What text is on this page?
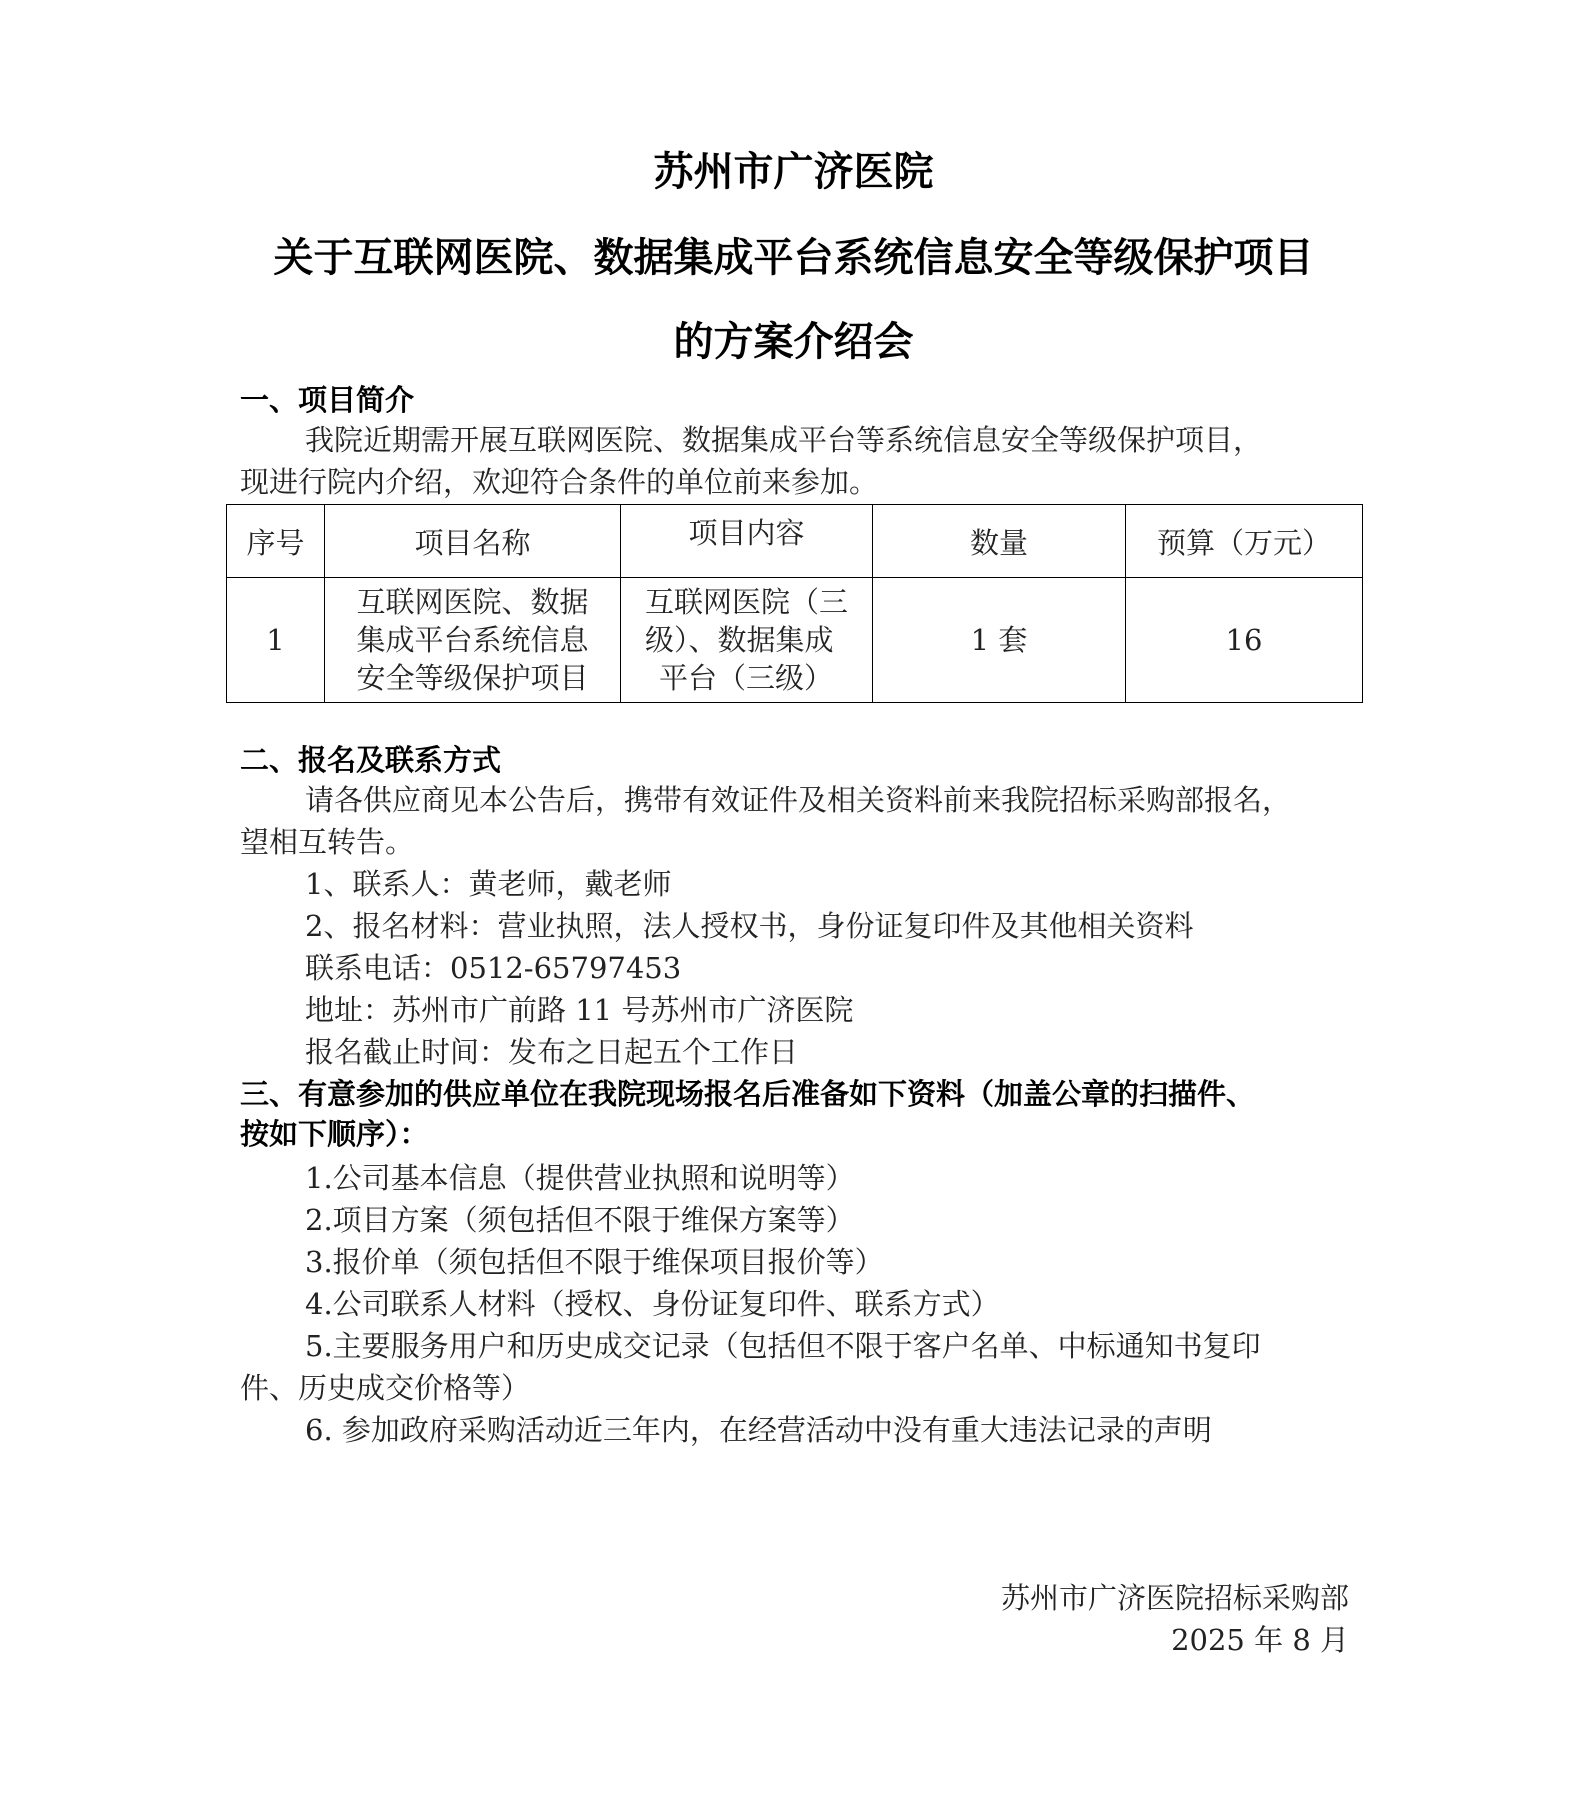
苏州市广济医院
关于互联网医院、数据集成平台系统信息安全等级保护项目
的方案介绍会
一、项目简介
我院近期需开展互联网医院、数据集成平台等系统信息安全等级保护项目，
现进行院内介绍，欢迎符合条件的单位前来参加。
序号	项目名称	项目内容	数量	预算（万元）
1	互联网医院、数据
集成平台系统信息
安全等级保护项目	互联网医院（三
级）、数据集成
平台（三级）	1 套	16
二、报名及联系方式
请各供应商见本公告后，携带有效证件及相关资料前来我院招标采购部报名，
望相互转告。
1、联系人：黄老师，戴老师
2、报名材料：营业执照，法人授权书，身份证复印件及其他相关资料
联系电话：0512-65797453
地址：苏州市广前路 11 号苏州市广济医院
报名截止时间：发布之日起五个工作日
三、有意参加的供应单位在我院现场报名后准备如下资料（加盖公章的扫描件、
按如下顺序）：
1.公司基本信息（提供营业执照和说明等）
2.项目方案（须包括但不限于维保方案等）
3.报价单（须包括但不限于维保项目报价等）
4.公司联系人材料（授权、身份证复印件、联系方式）
5.主要服务用户和历史成交记录（包括但不限于客户名单、中标通知书复印
件、历史成交价格等）
6. 参加政府采购活动近三年内，在经营活动中没有重大违法记录的声明
苏州市广济医院招标采购部
2025 年 8 月
